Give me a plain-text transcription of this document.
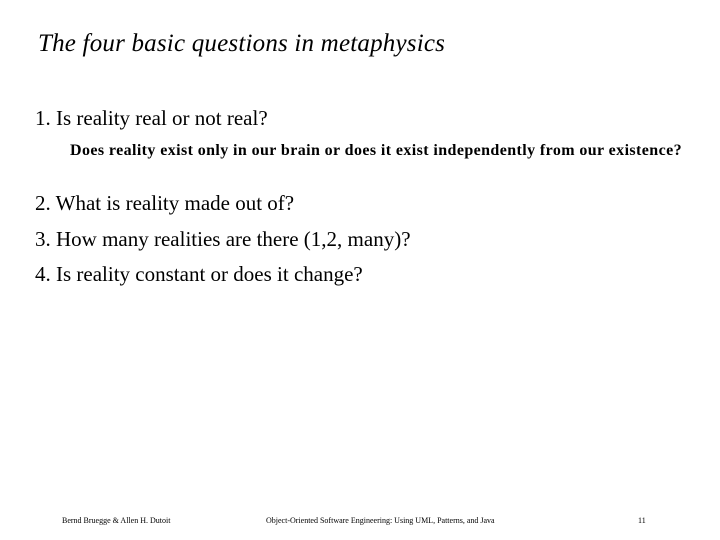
The four basic questions in metaphysics
1. Is reality real or not real?
Does reality exist only in our brain or does it exist independently from our existence?
2. What is reality made out of?
3. How many realities are there (1,2, many)?
4. Is reality constant or does it change?
Bernd Bruegge & Allen H. Dutoit	Object-Oriented Software Engineering: Using UML, Patterns, and Java	11
